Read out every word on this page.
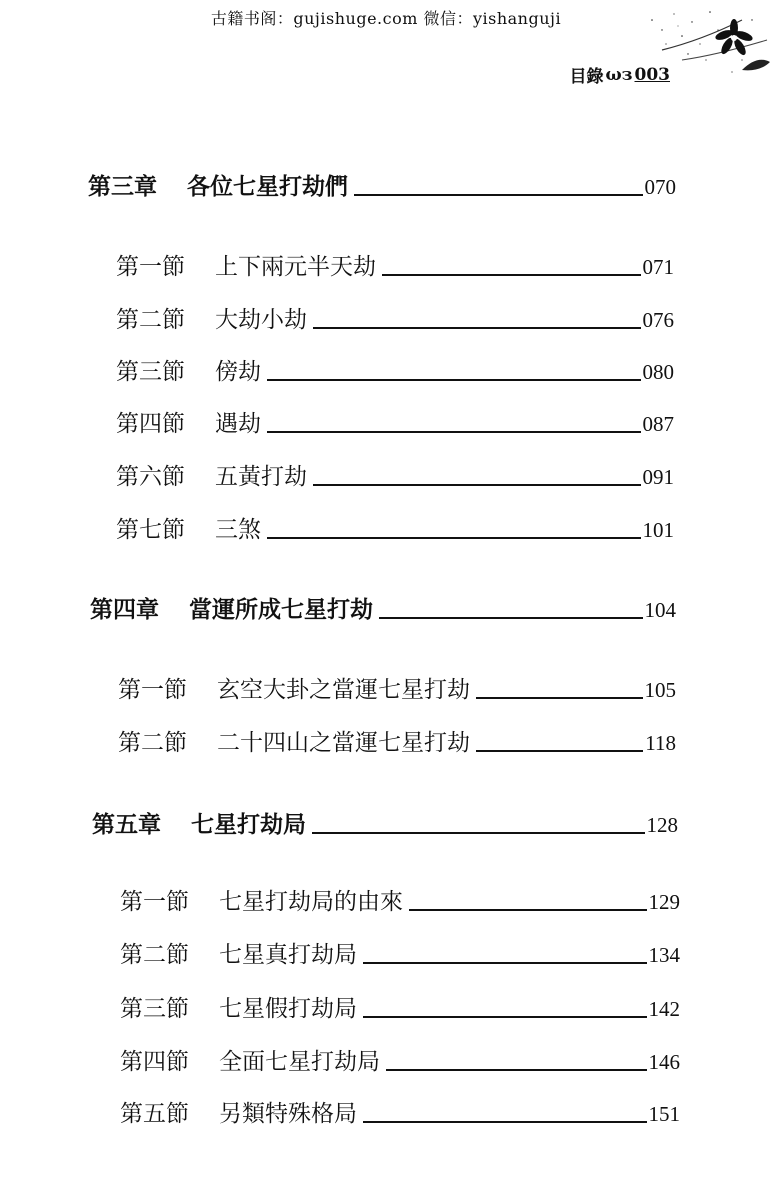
古籍书阁：gujishuge.com 微信：yishanguji
目錄 ωз 003
第三章 各位七星打劫們	070
第一節 上下兩元半天劫	071
第二節 大劫小劫	076
第三節 傍劫	080
第四節 遇劫	087
第六節 五黃打劫	091
第七節 三煞	101
第四章 當運所成七星打劫	104
第一節 玄空大卦之當運七星打劫	105
第二節 二十四山之當運七星打劫	118
第五章 七星打劫局	128
第一節 七星打劫局的由來	129
第二節 七星真打劫局	134
第三節 七星假打劫局	142
第四節 全面七星打劫局	146
第五節 另類特殊格局	151
